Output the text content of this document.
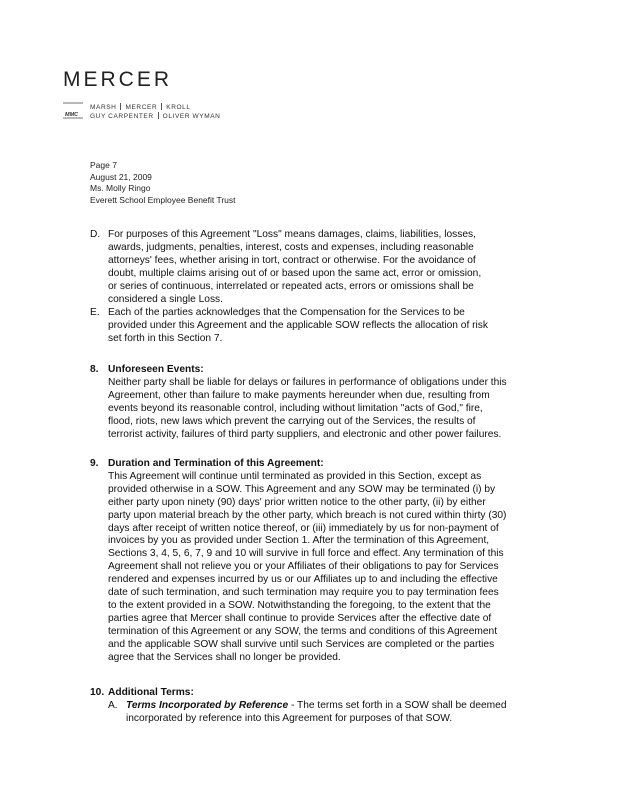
MERCER
MMC
MARSH MERCER KROLL
GUY CARPENTER OLIVER WYMAN
Page 7
August 21, 2009
Ms. Molly Ringo
Everett School Employee Benefit Trust
D. For purposes of this Agreement "Loss" means damages, claims, liabilities, losses,
awards, judgments, penalties, interest, costs and expenses, including reasonable
attorneys' fees, whether arising in tort, contract or otherwise. For the avoidance of
doubt, multiple claims arising out of or based upon the same act, error or omission,
or series of continuous, interrelated or repeated acts, errors or omissions shall be
considered a single Loss.
E. Each of the parties acknowledges that the Compensation for the Services to be
provided under this Agreement and the applicable SOW reflects the allocation of risk
set forth in this Section 7.
8. Unforeseen Events:
Neither party shall be liable for delays or failures in performance of obligations under this
Agreement, other than failure to make payments hereunder when due, resulting from
events beyond its reasonable control, including without limitation "acts of God," fire,
flood, riots, new laws which prevent the carrying out of the Services, the results of
terrorist activity, failures of third party suppliers, and electronic and other power failures.
9. Duration and Termination of this Agreement:
This Agreement will continue until terminated as provided in this Section, except as
provided otherwise in a SOW. This Agreement and any SOW may be terminated (i) by
either party upon ninety (90) days' prior written notice to the other party, (ii) by either
party upon material breach by the other party, which breach is not cured within thirty (30)
days after receipt of written notice thereof, or (iii) immediately by us for non-payment of
invoices by you as provided under Section 1. After the termination of this Agreement,
Sections 3, 4, 5, 6, 7, 9 and 10 will survive in full force and effect. Any termination of this
Agreement shall not relieve you or your Affiliates of their obligations to pay for Services
rendered and expenses incurred by us or our Affiliates up to and including the effective
date of such termination, and such termination may require you to pay termination fees
to the extent provided in a SOW. Notwithstanding the foregoing, to the extent that the
parties agree that Mercer shall continue to provide Services after the effective date of
termination of this Agreement or any SOW, the terms and conditions of this Agreement
and the applicable SOW shall survive until such Services are completed or the parties
agree that the Services shall no longer be provided.
10. Additional Terms:
A. Terms Incorporated by Reference - The terms set forth in a SOW shall be deemed
incorporated by reference into this Agreement for purposes of that SOW.
